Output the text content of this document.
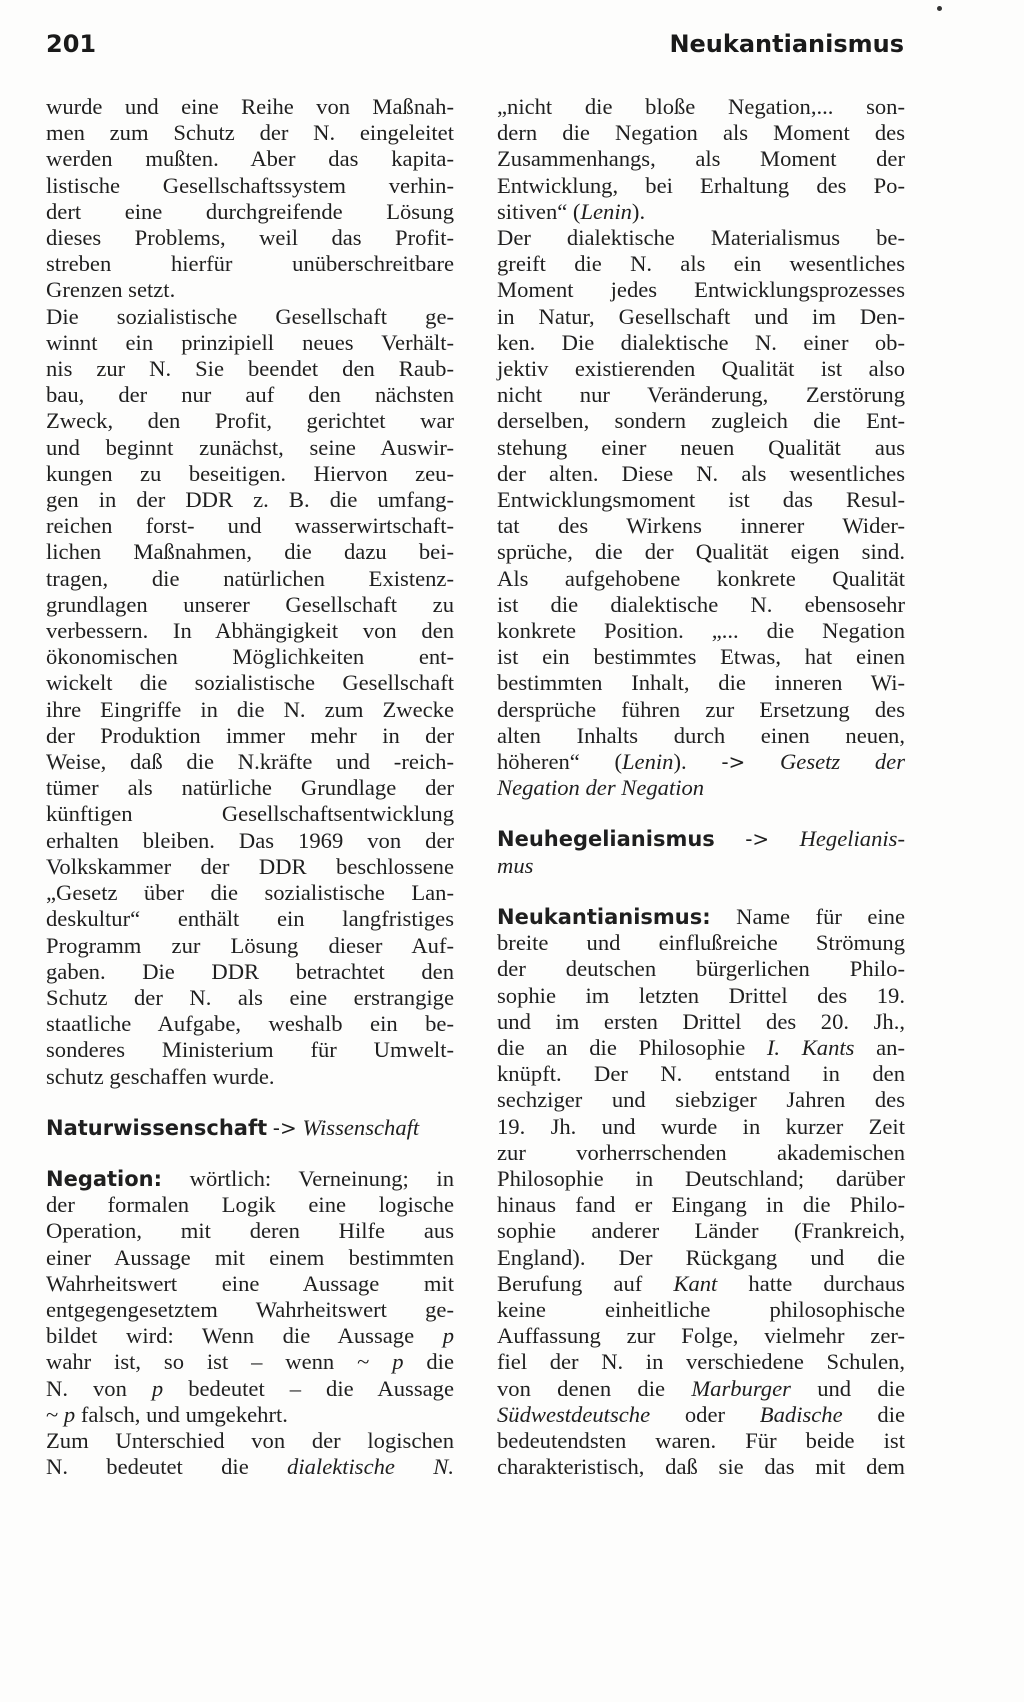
201	Neukantianismus
wurde und eine Reihe von Maßnah-
men zum Schutz der N. eingeleitet
werden mußten. Aber das kapita-
listische Gesellschaftssystem verhin-
dert eine durchgreifende Lösung
dieses Problems, weil das Profit-
streben hierfür unüberschreitbare
Grenzen setzt.
Die sozialistische Gesellschaft ge-
winnt ein prinzipiell neues Verhält-
nis zur N. Sie beendet den Raub-
bau, der nur auf den nächsten
Zweck, den Profit, gerichtet war
und beginnt zunächst, seine Auswir-
kungen zu beseitigen. Hiervon zeu-
gen in der DDR z. B. die umfang-
reichen forst- und wasserwirtschaft-
lichen Maßnahmen, die dazu bei-
tragen, die natürlichen Existenz-
grundlagen unserer Gesellschaft zu
verbessern. In Abhängigkeit von den
ökonomischen Möglichkeiten ent-
wickelt die sozialistische Gesellschaft
ihre Eingriffe in die N. zum Zwecke
der Produktion immer mehr in der
Weise, daß die N.kräfte und -reich-
tümer als natürliche Grundlage der
künftigen Gesellschaftsentwicklung
erhalten bleiben. Das 1969 von der
Volkskammer der DDR beschlossene
„Gesetz über die sozialistische Lan-
deskultur“ enthält ein langfristiges
Programm zur Lösung dieser Auf-
gaben. Die DDR betrachtet den
Schutz der N. als eine erstrangige
staatliche Aufgabe, weshalb ein be-
sonderes Ministerium für Umwelt-
schutz geschaffen wurde.
Naturwissenschaft -> Wissenschaft
Negation: wörtlich: Verneinung; in
der formalen Logik eine logische
Operation, mit deren Hilfe aus
einer Aussage mit einem bestimmten
Wahrheitswert eine Aussage mit
entgegengesetztem Wahrheitswert ge-
bildet wird: Wenn die Aussage p
wahr ist, so ist – wenn ~ p die
N. von p bedeutet – die Aussage
~ p falsch, und umgekehrt.
Zum Unterschied von der logischen
N. bedeutet die dialektische N.
„nicht die bloße Negation,... son-
dern die Negation als Moment des
Zusammenhangs, als Moment der
Entwicklung, bei Erhaltung des Po-
sitiven“ (Lenin).
Der dialektische Materialismus be-
greift die N. als ein wesentliches
Moment jedes Entwicklungsprozesses
in Natur, Gesellschaft und im Den-
ken. Die dialektische N. einer ob-
jektiv existierenden Qualität ist also
nicht nur Veränderung, Zerstörung
derselben, sondern zugleich die Ent-
stehung einer neuen Qualität aus
der alten. Diese N. als wesentliches
Entwicklungsmoment ist das Resul-
tat des Wirkens innerer Wider-
sprüche, die der Qualität eigen sind.
Als aufgehobene konkrete Qualität
ist die dialektische N. ebensosehr
konkrete Position. „... die Negation
ist ein bestimmtes Etwas, hat einen
bestimmten Inhalt, die inneren Wi-
dersprüche führen zur Ersetzung des
alten Inhalts durch einen neuen,
höheren“ (Lenin). -> Gesetz der
Negation der Negation
Neuhegelianismus -> Hegelianis-
mus
Neukantianismus: Name für eine
breite und einflußreiche Strömung
der deutschen bürgerlichen Philo-
sophie im letzten Drittel des 19.
und im ersten Drittel des 20. Jh.,
die an die Philosophie I. Kants an-
knüpft. Der N. entstand in den
sechziger und siebziger Jahren des
19. Jh. und wurde in kurzer Zeit
zur vorherrschenden akademischen
Philosophie in Deutschland; darüber
hinaus fand er Eingang in die Philo-
sophie anderer Länder (Frankreich,
England). Der Rückgang und die
Berufung auf Kant hatte durchaus
keine einheitliche philosophische
Auffassung zur Folge, vielmehr zer-
fiel der N. in verschiedene Schulen,
von denen die Marburger und die
Südwestdeutsche oder Badische die
bedeutendsten waren. Für beide ist
charakteristisch, daß sie das mit dem
